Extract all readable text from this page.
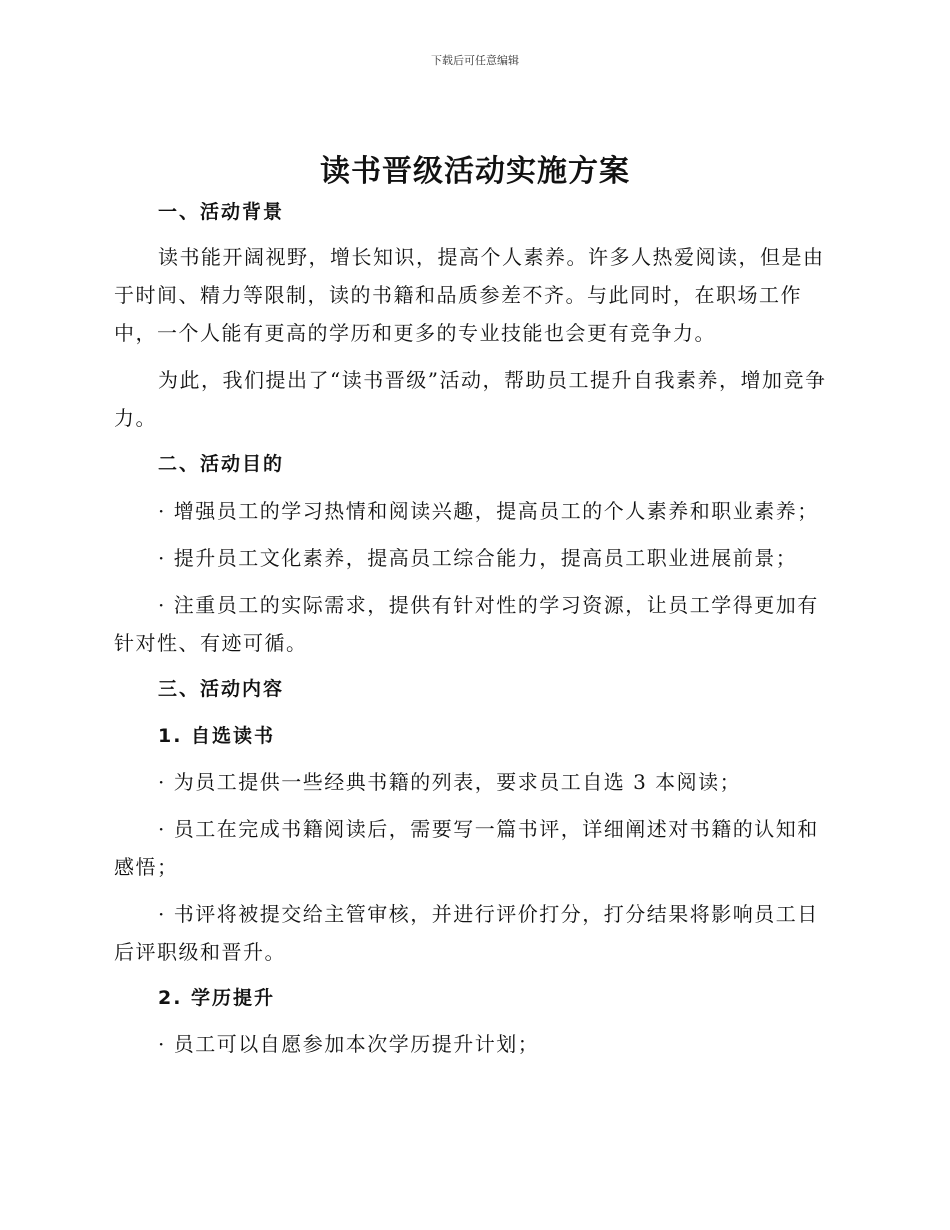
下载后可任意编辑
读书晋级活动实施方案
一、活动背景

读书能开阔视野，增长知识，提高个人素养。许多人热爱阅读，但是由于时间、精力等限制，读的书籍和品质参差不齐。与此同时，在职场工作中，一个人能有更高的学历和更多的专业技能也会更有竞争力。

为此，我们提出了“读书晋级”活动，帮助员工提升自我素养，增加竞争力。

二、活动目的

· 增强员工的学习热情和阅读兴趣，提高员工的个人素养和职业素养；

· 提升员工文化素养，提高员工综合能力，提高员工职业进展前景；

· 注重员工的实际需求，提供有针对性的学习资源，让员工学得更加有针对性、有迹可循。

三、活动内容
1. 自选读书

· 为员工提供一些经典书籍的列表，要求员工自选 3 本阅读；

· 员工在完成书籍阅读后，需要写一篇书评，详细阐述对书籍的认知和感悟；

· 书评将被提交给主管审核，并进行评价打分，打分结果将影响员工日后评职级和晋升。

2. 学历提升

· 员工可以自愿参加本次学历提升计划；
